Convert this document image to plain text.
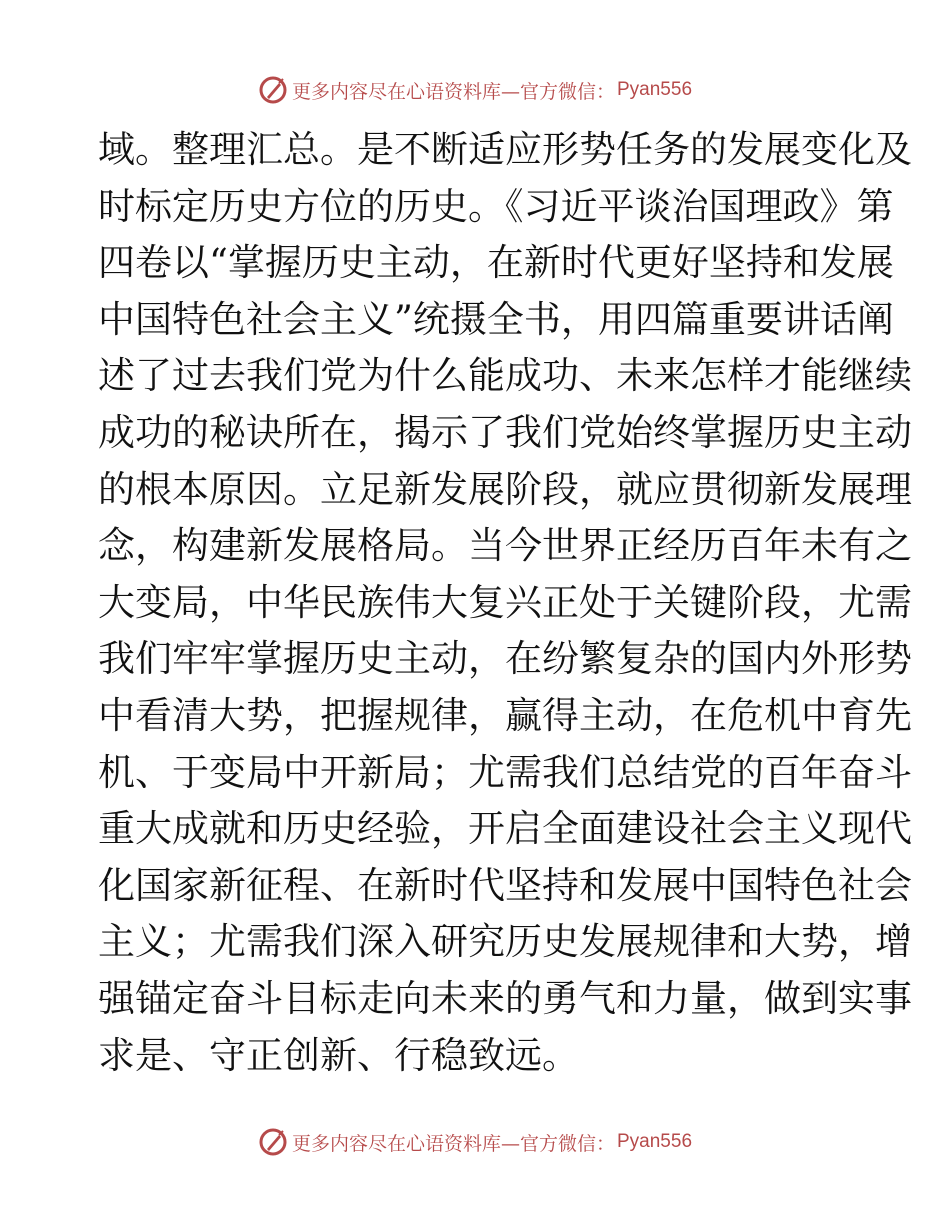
更多内容尽在心语资料库—官方微信： Pyan556
域。整理汇总。是不断适应形势任务的发展变化及
时标定历史方位的历史。《习近平谈治国理政》第
四卷以“掌握历史主动，在新时代更好坚持和发展
中国特色社会主义”统摄全书，用四篇重要讲话阐
述了过去我们党为什么能成功、未来怎样才能继续
成功的秘诀所在，揭示了我们党始终掌握历史主动
的根本原因。立足新发展阶段，就应贯彻新发展理
念，构建新发展格局。当今世界正经历百年未有之
大变局，中华民族伟大复兴正处于关键阶段，尤需
我们牢牢掌握历史主动，在纷繁复杂的国内外形势
中看清大势，把握规律，赢得主动，在危机中育先
机、于变局中开新局；尤需我们总结党的百年奋斗
重大成就和历史经验，开启全面建设社会主义现代
化国家新征程、在新时代坚持和发展中国特色社会
主义；尤需我们深入研究历史发展规律和大势，增
强锚定奋斗目标走向未来的勇气和力量，做到实事
求是、守正创新、行稳致远。
更多内容尽在心语资料库—官方微信： Pyan556
